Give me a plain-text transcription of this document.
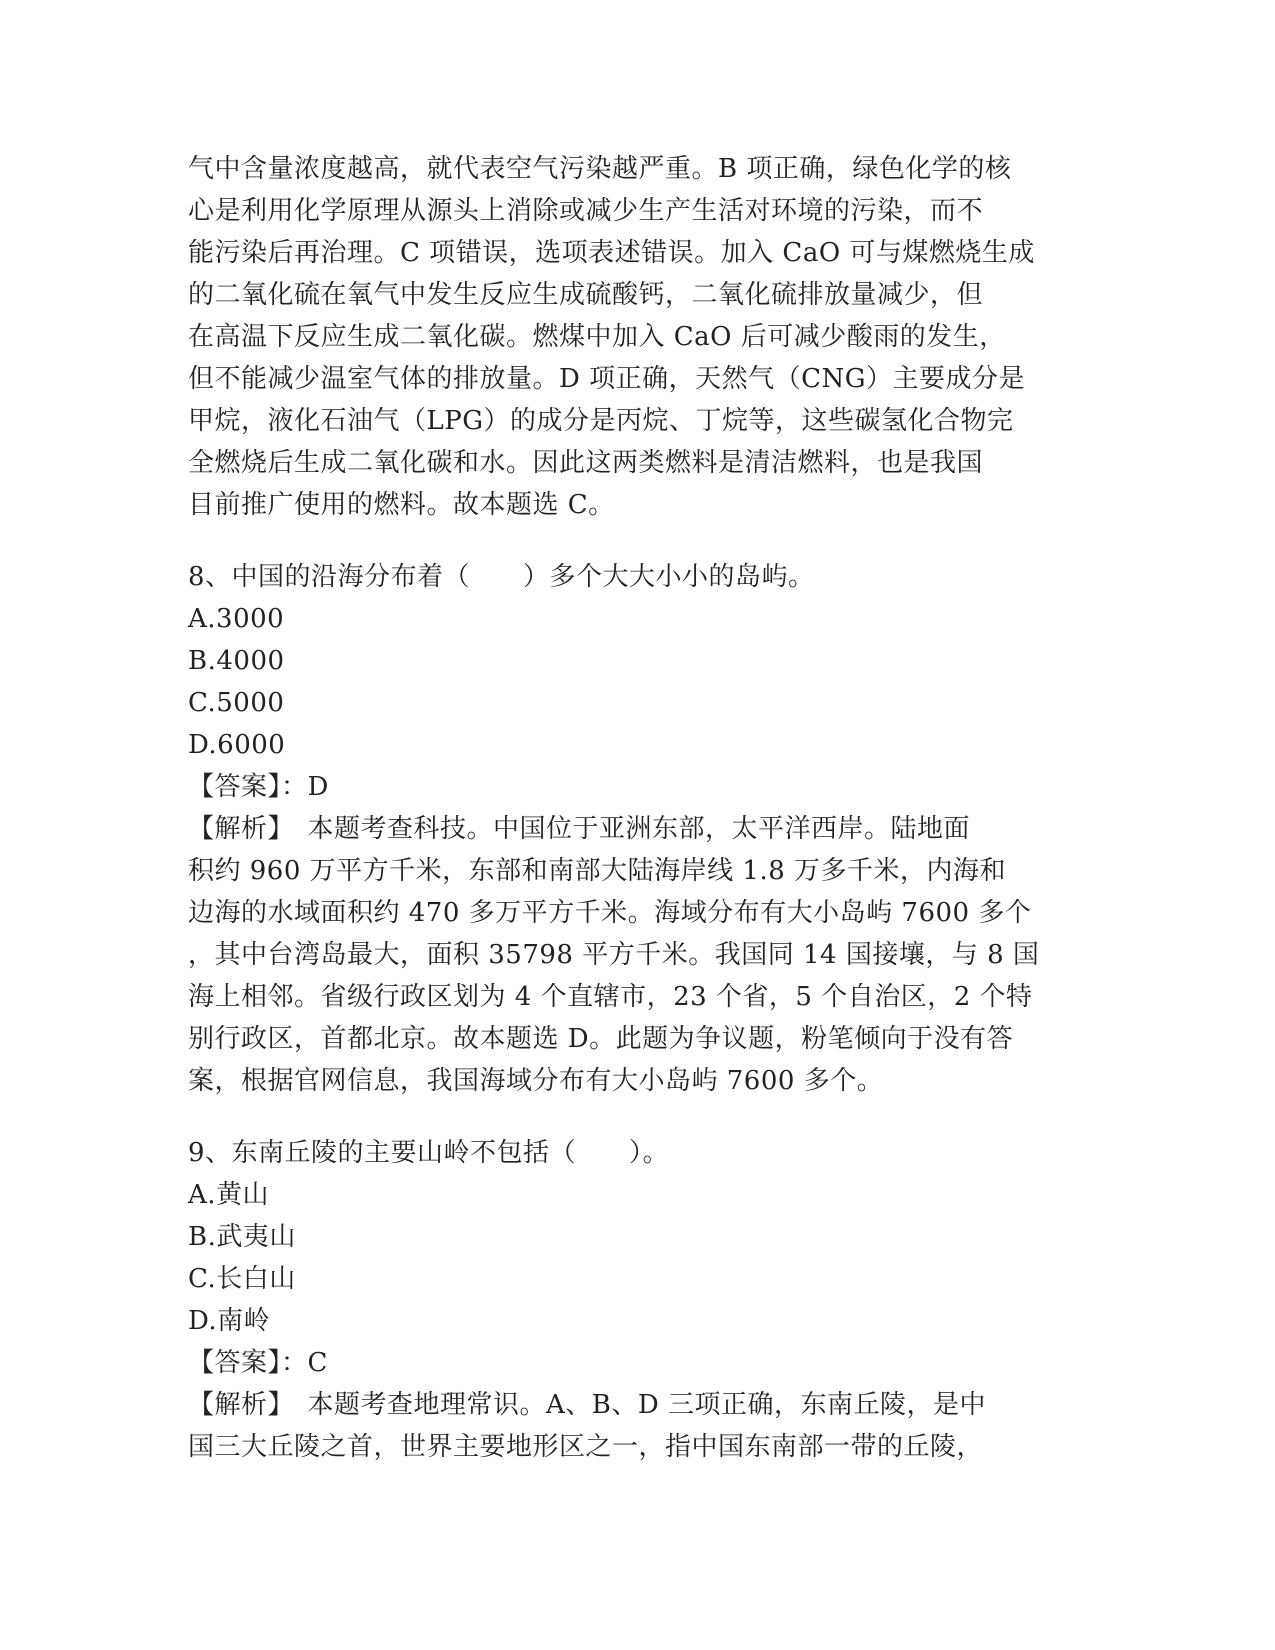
气中含量浓度越高，就代表空气污染越严重。B 项正确，绿色化学的核
心是利用化学原理从源头上消除或减少生产生活对环境的污染，而不
能污染后再治理。C 项错误，选项表述错误。加入 CaO 可与煤燃烧生成
的二氧化硫在氧气中发生反应生成硫酸钙，二氧化硫排放量减少，但
在高温下反应生成二氧化碳。燃煤中加入 CaO 后可减少酸雨的发生，
但不能减少温室气体的排放量。D 项正确，天然气（CNG）主要成分是
甲烷，液化石油气（LPG）的成分是丙烷、丁烷等，这些碳氢化合物完
全燃烧后生成二氧化碳和水。因此这两类燃料是清洁燃料，也是我国
目前推广使用的燃料。故本题选 C。
8、中国的沿海分布着（　　）多个大大小小的岛屿。
A.3000
B.4000
C.5000
D.6000
【答案】：D
【解析】　本题考查科技。中国位于亚洲东部，太平洋西岸。陆地面
积约 960 万平方千米，东部和南部大陆海岸线 1.8 万多千米，内海和
边海的水域面积约 470 多万平方千米。海域分布有大小岛屿 7600 多个
，其中台湾岛最大，面积 35798 平方千米。我国同 14 国接壤，与 8 国
海上相邻。省级行政区划为 4 个直辖市，23 个省，5 个自治区，2 个特
别行政区，首都北京。故本题选 D。此题为争议题，粉笔倾向于没有答
案，根据官网信息，我国海域分布有大小岛屿 7600 多个。
9、东南丘陵的主要山岭不包括（　　）。
A.黄山
B.武夷山
C.长白山
D.南岭
【答案】：C
【解析】　本题考查地理常识。A、B、D 三项正确，东南丘陵，是中
国三大丘陵之首，世界主要地形区之一，指中国东南部一带的丘陵，
